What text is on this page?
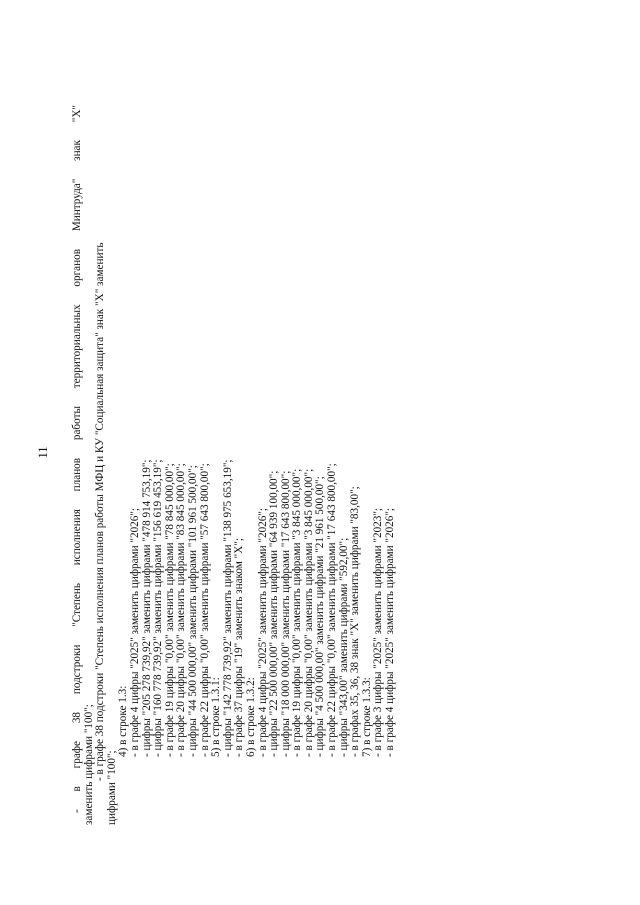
11 - в графе 38 подстроки "Степень исполнения планов работы территориальных органов Минтруда" знак "X" заменить цифрами "100"; - в графе 38 подстроки "Степень исполнения планов работы МФЦ и КУ "Социальная защита" знак "X" заменить
цифрами "100";
4) в строке 1.3: - в графе 4 цифры "2025" заменить цифрами "2026"; - цифры "205 278 739,92" заменить цифрами "478 914 753,19"; - цифры "160 778 739,92" заменить цифрами "156 619 453,19"; - в графе 19 цифры "0,00" заменить цифрами "78 845 000,00"; - в графе 20 цифры "0,00" заменить цифрами "83 845 000,00"; - цифры "44 500 000,00" заменить цифрами "101 961 500,00"; - в графе 22 цифры "0,00" заменить цифрами "57 643 800,00"; 5) в строке 1.3.1: - цифры "142 778 739,92" заменить цифрами "138 975 653,19"; - в графе 37 цифры "19" заменить знаком "X"; 6) в строке 1.3.2: - в графе 4 цифры "2025" заменить цифрами "2026"; - цифры "22 500 000,00" заменить цифрами "64 939 100,00"; - цифры "18 000 000,00" заменить цифрами "17 643 800,00"; - в графе 19 цифры "0,00" заменить цифрами "3 845 000,00"; - в графе 20 цифры "0,00" заменить цифрами "3 845 000,00"; - цифры "4 500 000,00" заменить цифрами "21 961 500,00"; - в графе 22 цифры "0,00" заменить цифрами "17 643 800,00"; - цифры "343,00" заменить цифрами "592,00"; - в графах 35, 36, 38 знак "X" заменить цифрами "83,00"; 7) в строке 1.3.3: - в графе 3 цифры "2025" заменить цифрами "2023"; - в графе 4 цифры "2025" заменить цифрами "2026";
